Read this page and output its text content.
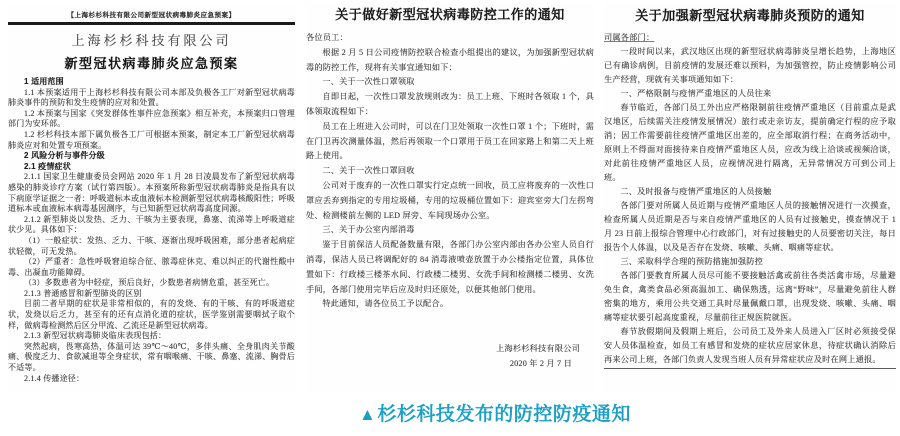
【上海杉杉科技有限公司新型冠状病毒肺炎应急预案】
上海杉杉科技有限公司
新型冠状病毒肺炎应急预案

1 适用范围

1.1 本预案适用于上海杉杉科技有限公司本部及负极各工厂对新型冠状病毒肺炎事件的预防和发生疫情的应对和处置。

1.2 本预案与国家《突发群体性事件应急预案》相互补充，本预案归口管理部门为安环部。

1.2 杉杉科技本部下属负极各工厂可根据本预案，制定本工厂新型冠状病毒肺炎应对和处置专项预案。

2 风险分析与事件分级

2.1 疫情症状

2.1.1 国家卫生健康委员会网站 2020 年 1 月 28 日凌晨发布了新型冠状病毒感染的肺炎诊疗方案（试行第四版）。本预案所称新型冠状病毒肺炎是指具有以下病原学证据之一者：呼吸道标本或血液标本检测新型冠状病毒核酸阳性；呼吸道标本或血液标本病毒基因测序，与已知新型冠状病毒高度同源。

2.1.2 新型肺炎以发热、乏力、干咳为主要表现，鼻塞、流涕等上呼吸道症状少见。具体如下：

（1）一般症状：发热、乏力、干咳、逐渐出现呼吸困难，部分患者起病症状轻微，可无发热。

（2）严重者：急性呼吸窘迫综合征、脓毒症休克、难以纠正的代谢性酸中毒、出凝血功能障碍。

（3）多数患者为中轻症，预后良好，少数患者病情危重，甚至死亡。

2.1.3 普通感冒和新型肺炎的区别

目前二者早期的症状是非常相似的，有的发烧、有的干咳、有的呼吸道症状，发烧以后乏力，甚至有的还有点消化道的症状，医学鉴别需要咽拭子取个样，做病毒检测然后区分甲流、乙流还是新型冠状病毒。

2.1.3 新型冠状病毒肺炎临床表现包括：

突然起病，畏寒高热，体温可达 39℃～40℃，多伴头痛、全身肌肉关节酸痛、极度乏力、食欲减退等全身症状，常有咽喉痛、干咳、鼻塞、流涕、胸骨后不适等。

2.1.4 传播途径：

关于做好新型冠状病毒防控工作的通知

各位员工：

根据 2 月 5 日公司疫情防控联合检查小组提出的建议，为加强新型冠状病毒的防控工作，现将有关事宜通知如下：

一、关于一次性口罩领取

自即日起，一次性口罩发放规则改为：员工上班、下班时各领取 1 个，具体领取流程如下：

员工在上班进入公司时，可以在门卫处领取一次性口罩 1 个；下班时，需在门卫再次测量体温，然后再领取一个口罩用于员工在回家路上和第二天上班路上使用。

二、关于一次性口罩回收

公司对于废弃的一次性口罩实行定点统一回收，员工应将废弃的一次性口罩应丢弃到指定的专用垃圾桶，专用的垃圾桶位置如下：迎宾室旁大门左拐弯处、检测楼前左侧的 LED 屏旁、车间现场办公室。

三、关于办公室内部消毒

鉴于目前保洁人员配备数量有限，各部门办公室内部由各办公室人员自行消毒，保洁人员已将调配好的 84 消毒液喷壶放置于办公楼指定位置，具体位置如下：行政楼三楼茶水间、行政楼二楼男、女洗手间和检测楼二楼男、女洗手间，各部门使用完毕后应及时归还原处，以便其他部门使用。

特此通知，请各位员工予以配合。

上海杉杉科技有限公司

2020 年 2 月 7 日

关于加强新型冠状病毒肺炎预防的通知

司属各部门：

一段时间以来，武汉地区出现的新型冠状病毒肺炎呈增长趋势，上海地区已有确诊病例，目前疫情的发展还难以预料，为加强管控，防止疫情影响公司生产经营，现就有关事项通知如下：

一、严格限制与疫情严重地区的人员往来

春节临近，各部门员工外出应严格限制前往疫情严重地区（目前重点是武汉地区，后续需关注疫情发展情况）旅行或走亲访友，提前确定行程的应予取消；因工作需要前往疫情严重地区出差的，应全部取消行程；在商务活动中，原则上不得面对面接待来自疫情严重地区人员，应改为线上洽谈或视频洽谈，对此前往疫情严重地区人员，应视情况进行隔离，无异常情况方可到公司上班。

二、及时报备与疫情严重地区的人员接触

各部门要对所属人员近期与疫情严重地区人员的接触情况进行一次摸查，检查所属人员近期是否与来自疫情严重地区的人员有过接触史，摸查情况于 1 月 23 日前上报综合管理中心行政部门，对有过接触史的人员要密切关注，每日报告个人体温，以及是否存在发烧、咳嗽、头痛、咽痛等症状。

三、采取科学合理的预防措施加强防控

各部门要教育所属人员尽可能不要接触活禽或前往各类活禽市场，尽量避免生食，禽类食品必须高温加工、确保熟透，远离“野味”，尽量避免前往人群密集的地方，乘用公共交通工具时尽量佩戴口罩，出现发烧、咳嗽、头痛、咽痛等症状要引起高度重视，尽量前往正规医院就医。

春节放假期间及假期上班后，公司员工及外来人员进入厂区时必须接受保安人员体温检查，如员工有感冒和发烧的症状应居家休息，待症状确认消除后再来公司上班，各部门负责人发现当班人员有异常症状应及时在网上通报。

▲杉杉科技发布的防控防疫通知
